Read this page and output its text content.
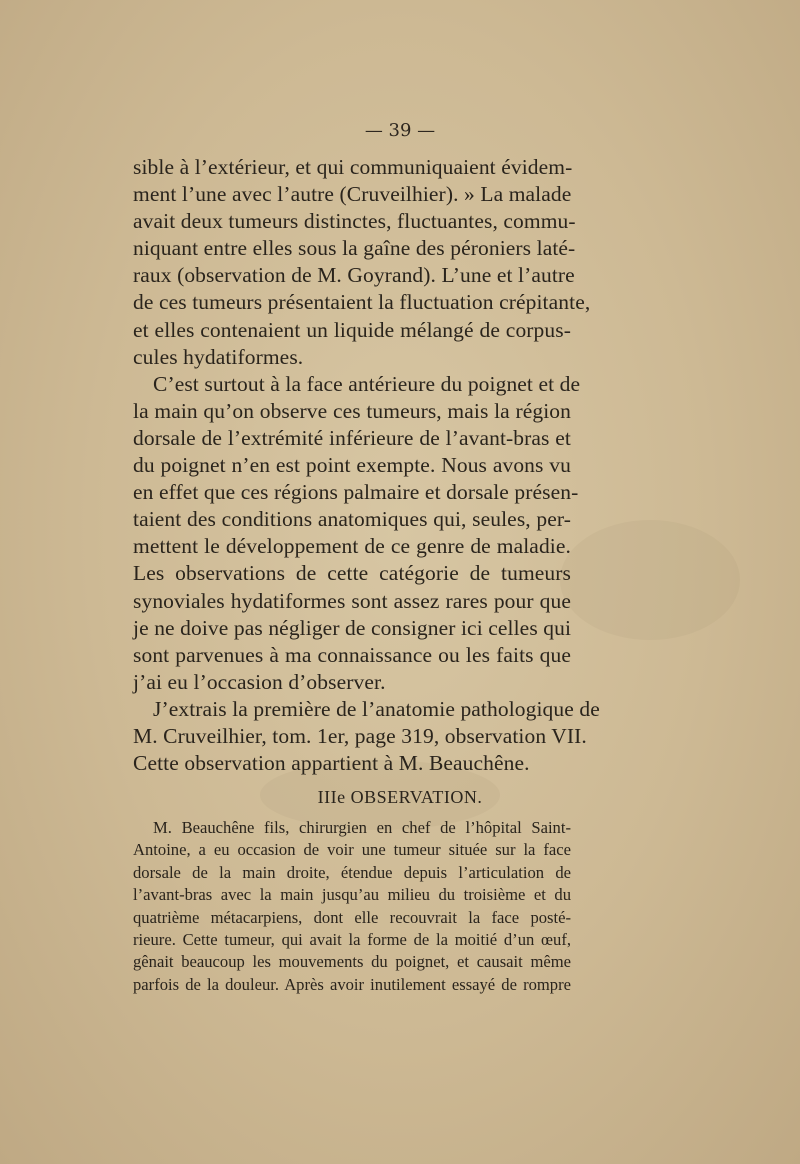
— 39 —
sible à l’extérieur, et qui communiquaient évidem-
ment l’une avec l’autre (Cruveilhier). » La malade
avait deux tumeurs distinctes, fluctuantes, commu-
niquant entre elles sous la gaîne des péroniers laté-
raux (observation de M. Goyrand). L’une et l’autre
de ces tumeurs présentaient la fluctuation crépitante,
et elles contenaient un liquide mélangé de corpus-
cules hydatiformes.
C’est surtout à la face antérieure du poignet et de
la main qu’on observe ces tumeurs, mais la région
dorsale de l’extrémité inférieure de l’avant-bras et
du poignet n’en est point exempte. Nous avons vu
en effet que ces régions palmaire et dorsale présen-
taient des conditions anatomiques qui, seules, per-
mettent le développement de ce genre de maladie.
Les observations de cette catégorie de tumeurs
synoviales hydatiformes sont assez rares pour que
je ne doive pas négliger de consigner ici celles qui
sont parvenues à ma connaissance ou les faits que
j’ai eu l’occasion d’observer.
J’extrais la première de l’anatomie pathologique de
M. Cruveilhier, tom. 1er, page 319, observation VII.
Cette observation appartient à M. Beauchêne.
IIIe OBSERVATION.
M. Beauchêne fils, chirurgien en chef de l’hôpital Saint-
Antoine, a eu occasion de voir une tumeur située sur la face
dorsale de la main droite, étendue depuis l’articulation de
l’avant-bras avec la main jusqu’au milieu du troisième et du
quatrième métacarpiens, dont elle recouvrait la face posté-
rieure. Cette tumeur, qui avait la forme de la moitié d’un œuf,
gênait beaucoup les mouvements du poignet, et causait même
parfois de la douleur. Après avoir inutilement essayé de rompre
